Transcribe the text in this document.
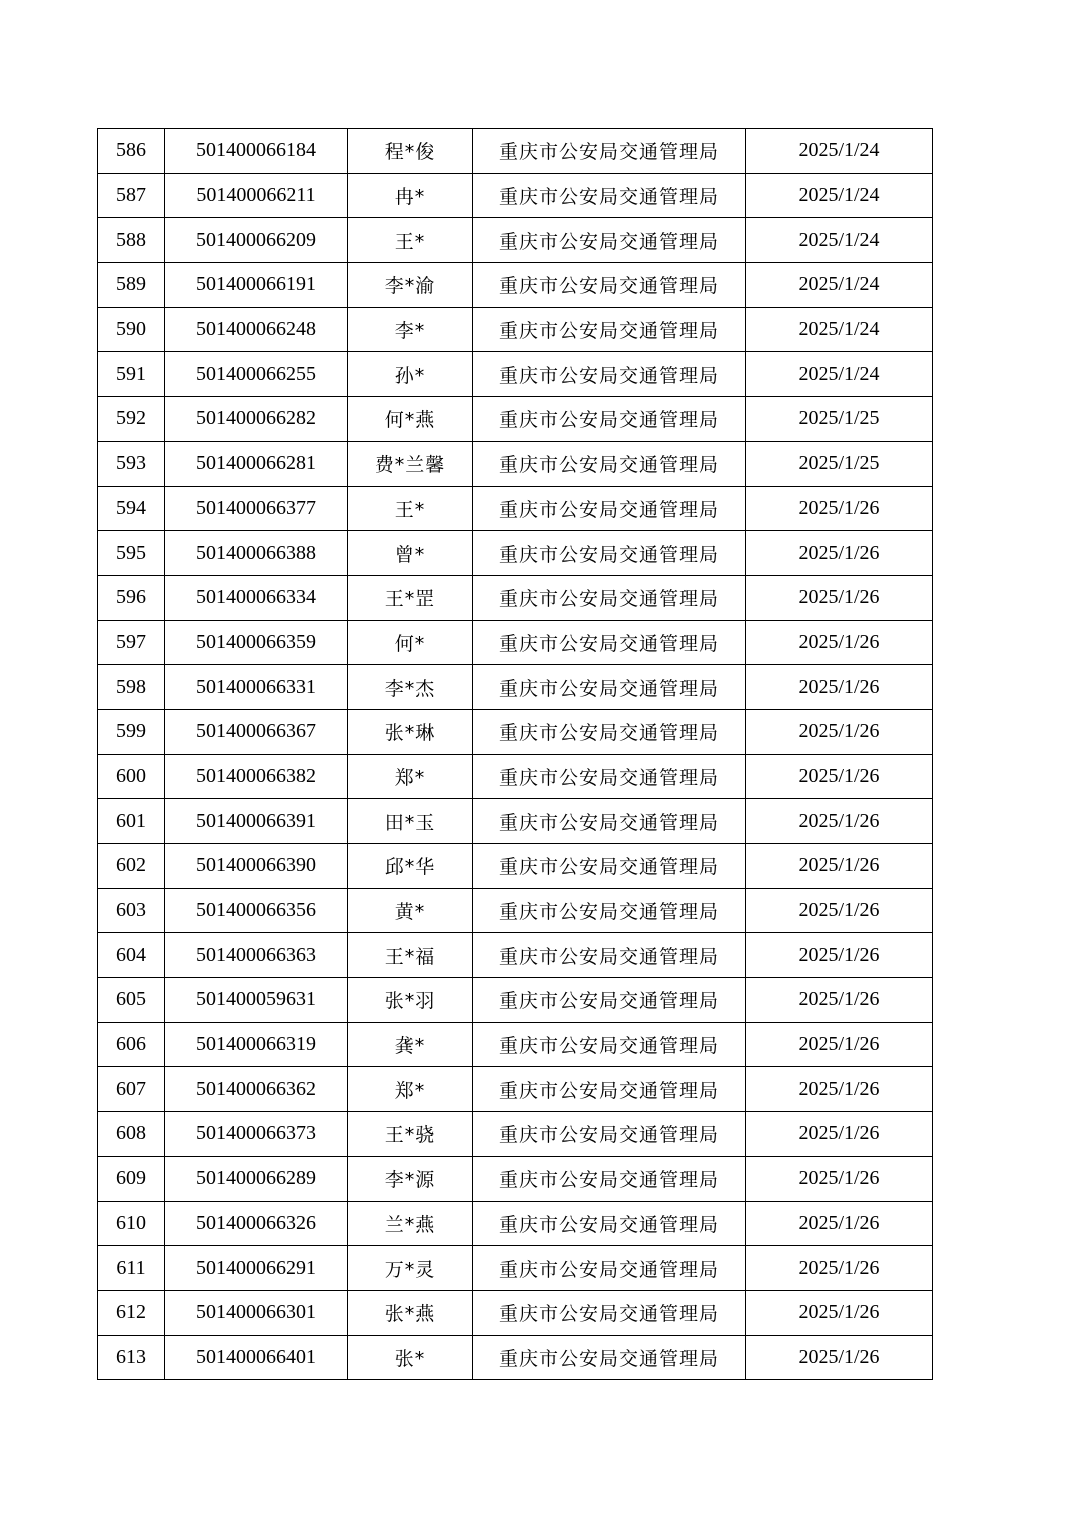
586	501400066184	程*俊	重庆市公安局交通管理局	2025/1/24
587	501400066211	冉*	重庆市公安局交通管理局	2025/1/24
588	501400066209	王*	重庆市公安局交通管理局	2025/1/24
589	501400066191	李*渝	重庆市公安局交通管理局	2025/1/24
590	501400066248	李*	重庆市公安局交通管理局	2025/1/24
591	501400066255	孙*	重庆市公安局交通管理局	2025/1/24
592	501400066282	何*燕	重庆市公安局交通管理局	2025/1/25
593	501400066281	费*兰馨	重庆市公安局交通管理局	2025/1/25
594	501400066377	王*	重庆市公安局交通管理局	2025/1/26
595	501400066388	曾*	重庆市公安局交通管理局	2025/1/26
596	501400066334	王*罡	重庆市公安局交通管理局	2025/1/26
597	501400066359	何*	重庆市公安局交通管理局	2025/1/26
598	501400066331	李*杰	重庆市公安局交通管理局	2025/1/26
599	501400066367	张*琳	重庆市公安局交通管理局	2025/1/26
600	501400066382	郑*	重庆市公安局交通管理局	2025/1/26
601	501400066391	田*玉	重庆市公安局交通管理局	2025/1/26
602	501400066390	邱*华	重庆市公安局交通管理局	2025/1/26
603	501400066356	黄*	重庆市公安局交通管理局	2025/1/26
604	501400066363	王*福	重庆市公安局交通管理局	2025/1/26
605	501400059631	张*羽	重庆市公安局交通管理局	2025/1/26
606	501400066319	龚*	重庆市公安局交通管理局	2025/1/26
607	501400066362	郑*	重庆市公安局交通管理局	2025/1/26
608	501400066373	王*骁	重庆市公安局交通管理局	2025/1/26
609	501400066289	李*源	重庆市公安局交通管理局	2025/1/26
610	501400066326	兰*燕	重庆市公安局交通管理局	2025/1/26
611	501400066291	万*灵	重庆市公安局交通管理局	2025/1/26
612	501400066301	张*燕	重庆市公安局交通管理局	2025/1/26
613	501400066401	张*	重庆市公安局交通管理局	2025/1/26
